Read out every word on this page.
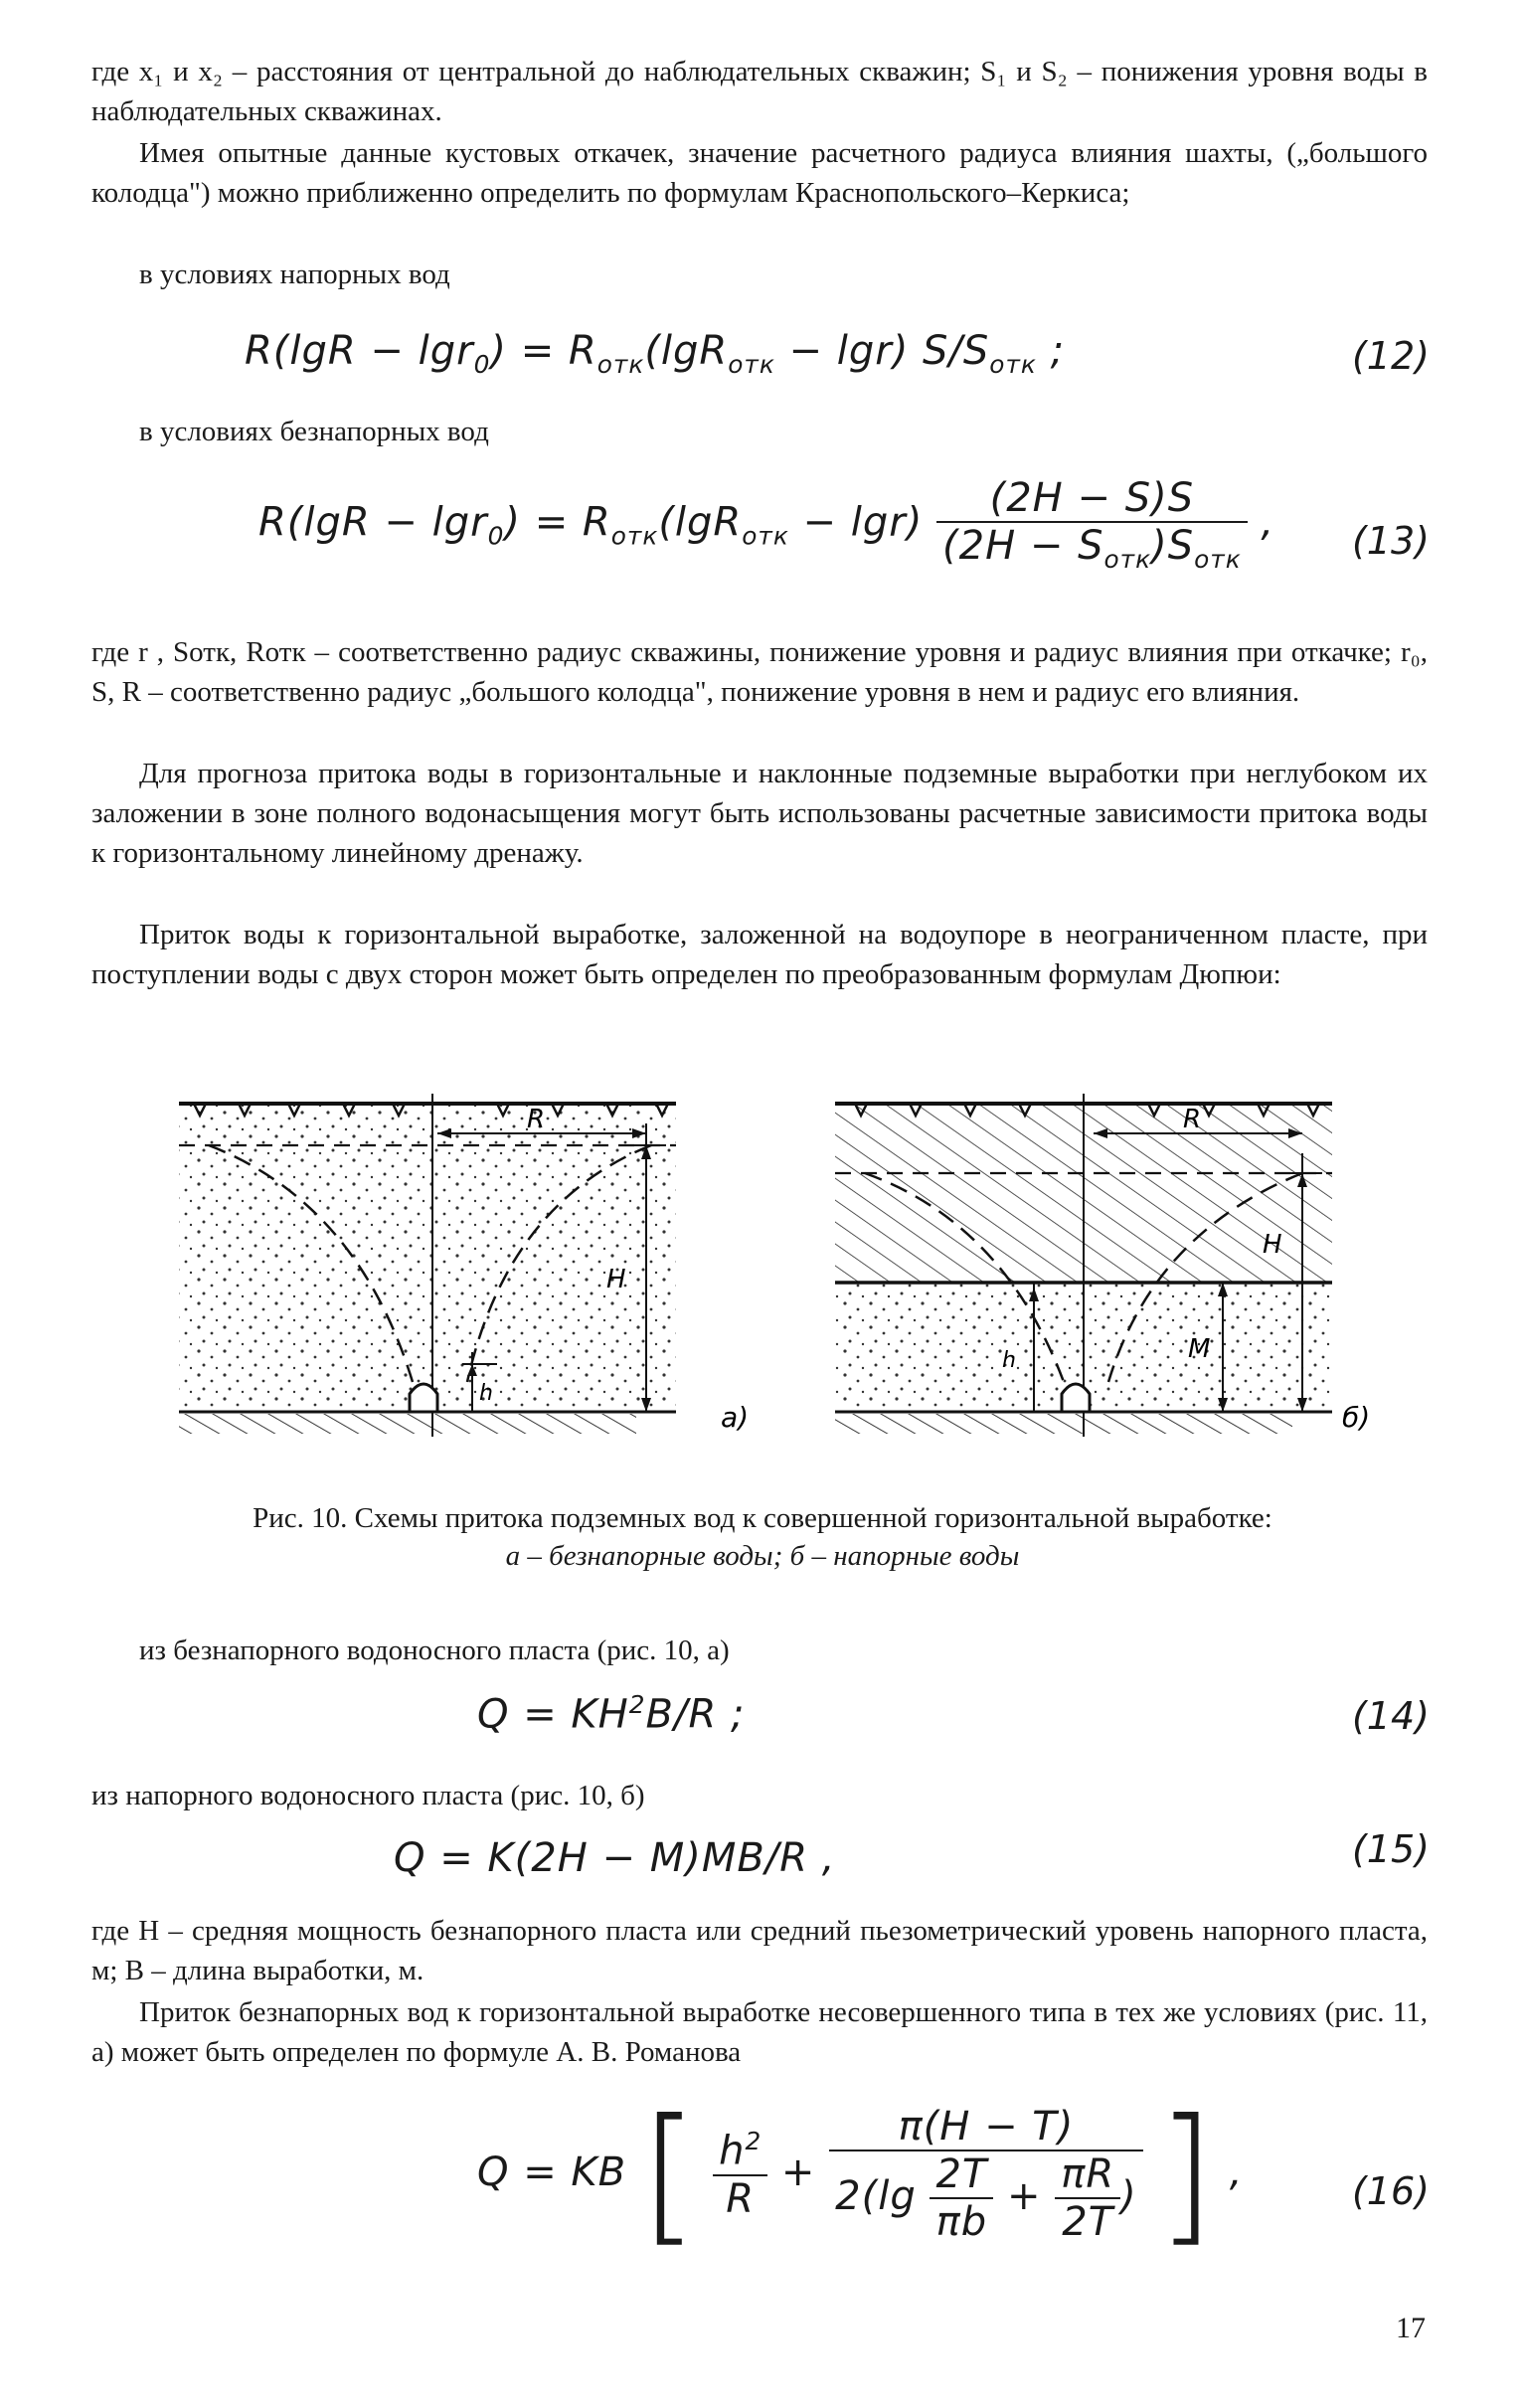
где x₁ и x₂ – расстояния от центральной до наблюдательных скважин; S₁ и S₂ – понижения уровня воды в наблюдательных скважинах.

Имея опытные данные кустовых откачек, значение расчетного радиуса влияния шахты, („большого колодца") можно приближенно определить по формулам Краснопольского–Керкиса;

в условиях напорных вод

$R(\lg R - \lg r_0) = R_{отк}(\lg R_{отк} - \lg r)$ $S/S_{отк}$ ;	(12)

в условиях безнапорных вод

$R(\lg R - \lg r_0) = R_{отк}(\lg R_{отк} - \lg r) \frac{(2H - S)S}{(2H - S_{отк})S_{отк}}$ , (13)

где r , Sотк, Rотк – соответственно радиус скважины, понижение уровня и радиус влияния при откачке; r₀, S, R – соответственно радиус „большого колодца", понижение уровня в нем и радиус его влияния.

Для прогноза притока воды в горизонтальные и наклонные подземные выработки при неглубоком их заложении в зоне полного водонасыщения могут быть использованы расчетные зависимости притока воды к горизонтальному линейному дренажу.

Приток воды к горизонтальной выработке, заложенной на водоупоре в неограниченном пласте, при поступлении воды с двух сторон может быть определен по преобразованным формулам Дюпюи:

R
H
h
а)
R
H
M
h
б)
Рис. 10. Схемы притока подземных вод к совершенной горизонтальной выработке:
а – безнапорные воды; б – напорные воды

из безнапорного водоносного пласта (рис. 10, а)

$Q = KH^2B/R$ ;	(14)

из напорного водоносного пласта (рис. 10, б)

Q = K(2H − M)MB/R ,	(15)

где H – средняя мощность безнапорного пласта или средний пьезометрический уровень напорного пласта, м; B – длина выработки, м.

Приток безнапорных вод к горизонтальной выработке несовершенного типа в тех же условиях (рис. 11, а) может быть определен по формуле А. В. Романова

Q = KB [ $\frac{h^2}{R} + \frac{\pi(H - T)}{2(\lg \frac{2T}{\pi b} + \frac{\pi R}{2T} )}$ ] ,	(16)
17
